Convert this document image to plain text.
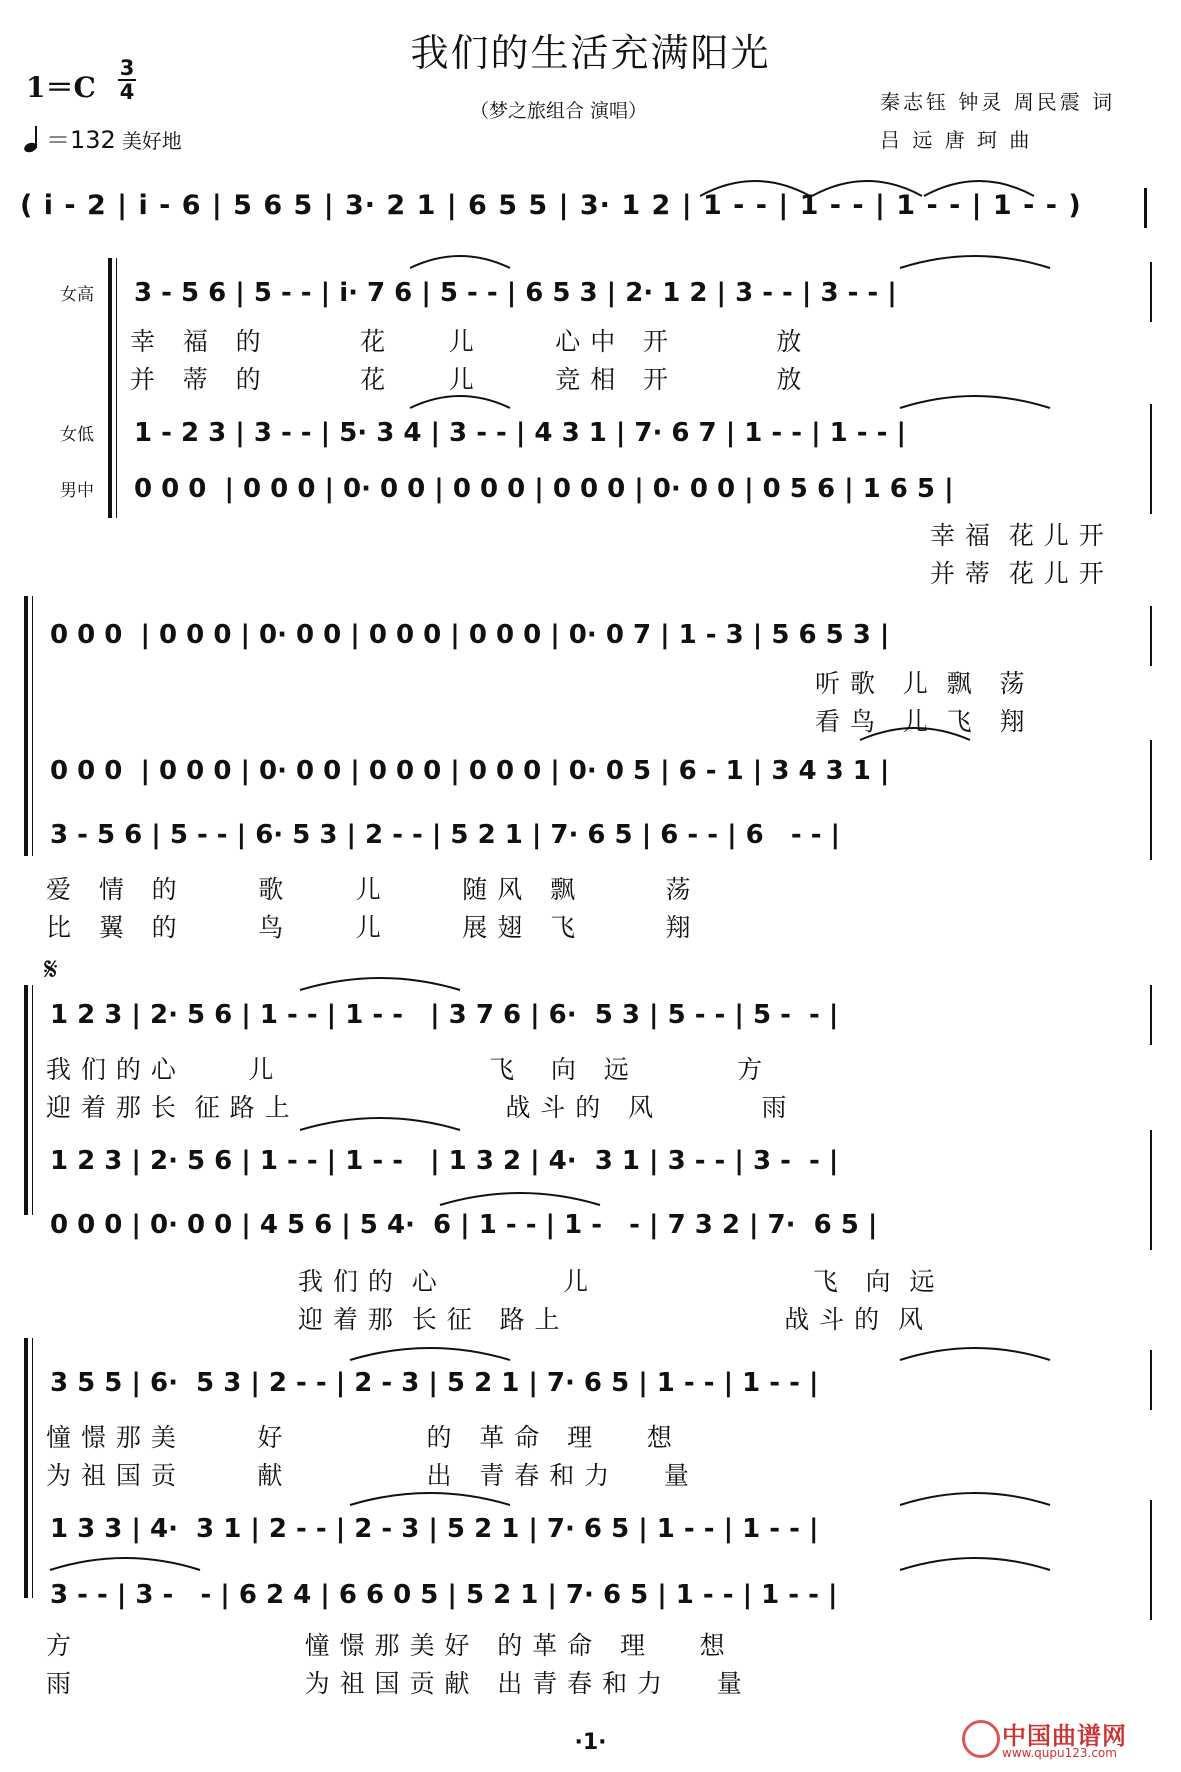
我们的生活充满阳光
（梦之旅组合 演唱）
1＝C
3
4
＝132 美好地
秦志钰 钟灵 周民震 词
吕 远 唐 珂 曲
( i - 2 | i - 6 | 5 6 5 | 3· 2 1 | 6 5 5 | 3· 1 2 | 1 - - | 1 - - | 1 - - | 1 - - )
女高
女低
男中
3 - 5 6 | 5 - - | i· 7 6 | 5 - - | 6 5 3 | 2· 1 2 | 3 - - | 3 - - |
幸   福   的           花       儿         心 中   开            放
并   蒂   的           花       儿         竞 相   开            放
1 - 2 3 | 3 - - | 5· 3 4 | 3 - - | 4 3 1 | 7· 6 7 | 1 - - | 1 - - |
0 0 0  | 0 0 0 | 0· 0 0 | 0 0 0 | 0 0 0 | 0· 0 0 | 0 5 6 | 1 6 5 |
幸 福  花 儿 开
并 蒂  花 儿 开
0 0 0  | 0 0 0 | 0· 0 0 | 0 0 0 | 0 0 0 | 0· 0 7 | 1 - 3 | 5 6 5 3 |
听 歌   儿  飘   荡
看 鸟   儿  飞   翔
0 0 0  | 0 0 0 | 0· 0 0 | 0 0 0 | 0 0 0 | 0· 0 5 | 6 - 1 | 3 4 3 1 |
3 - 5 6 | 5 - - | 6· 5 3 | 2 - - | 5 2 1 | 7· 6 5 | 6 - - | 6   - - |
爱   情   的         歌        儿         随 风   飘          荡
比   翼   的         鸟        儿         展 翅   飞          翔
𝄋
1 2 3 | 2· 5 6 | 1 - - | 1 - -   | 3 7 6 | 6·  5 3 | 5 - - | 5 -  - |
我 们 的 心        儿                        飞    向   远            方
迎 着 那 长  征 路 上                        战 斗 的   风            雨
1 2 3 | 2· 5 6 | 1 - - | 1 - -   | 1 3 2 | 4·  3 1 | 3 - - | 3 -  - |
0 0 0 | 0· 0 0 | 4 5 6 | 5 4·  6 | 1 - - | 1 -   - | 7 3 2 | 7·  6 5 |
我 们 的  心              儿                         飞   向  远
迎 着 那  长 征   路 上                         战 斗 的  风
3 5 5 | 6·  5 3 | 2 - - | 2 - 3 | 5 2 1 | 7· 6 5 | 1 - - | 1 - - |
憧 憬 那 美         好                的   革 命   理      想
为 祖 国 贡         献                出   青 春 和 力      量
1 3 3 | 4·  3 1 | 2 - - | 2 - 3 | 5 2 1 | 7· 6 5 | 1 - - | 1 - - |
3 - - | 3 -   - | 6 2 4 | 6 6 0 5 | 5 2 1 | 7· 6 5 | 1 - - | 1 - - |
方                          憧 憬 那 美 好   的 革 命   理      想
雨                          为 祖 国 贡 献   出 青 春 和 力      量
·1·	中国曲谱网
www.qupu123.com
